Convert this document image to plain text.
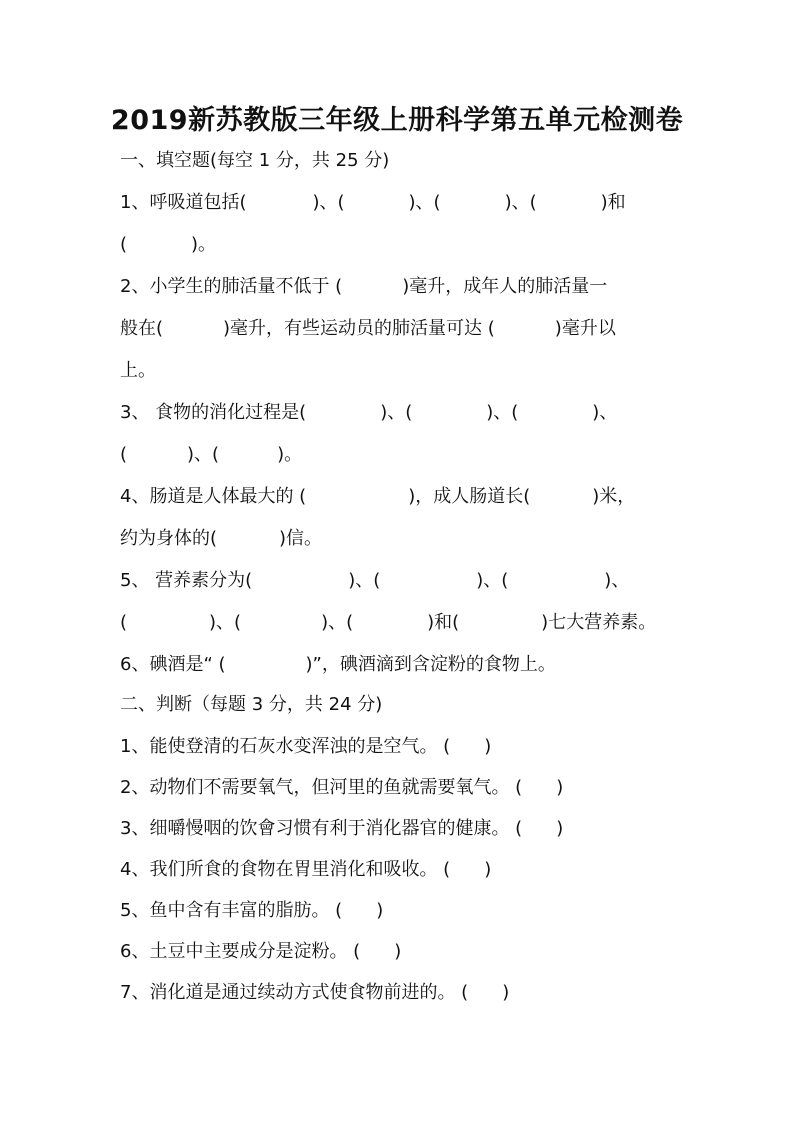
2019新苏教版三年级上册科学第五单元检测卷
一、填空题(每空 1 分，共 25 分)
1、呼吸道包括(	)、(	)、(	)、(	)和
(	)。
2、小学生的肺活量不低于 (	)毫升，成年人的肺活量一
般在(	)毫升，有些运动员的肺活量可达 (	)毫升以
上。
3、 食物的消化过程是(	)、(	)、(	)、
(	)、(	)。
4、肠道是人体最大的 (	)，成人肠道长(	)米，
约为身体的(	)信。
5、 营养素分为(	)、(	)、(	)、
(	)、(	)、(	)和(	)七大营养素。
6、碘酒是“ (	)”，碘酒滴到含淀粉的食物上。
二、判断（每题 3 分，共 24 分)
1、能使登清的石灰水变浑浊的是空气。 ( )
2、动物们不需要氧气，但河里的鱼就需要氧气。 ( )
3、细嚼慢咽的饮會习惯有利于消化器官的健康。 ( )
4、我们所食的食物在胃里消化和吸收。 ( )
5、鱼中含有丰富的脂肪。 ( )
6、土豆中主要成分是淀粉。 ( )
7、消化道是通过续动方式使食物前进的。 ( )
